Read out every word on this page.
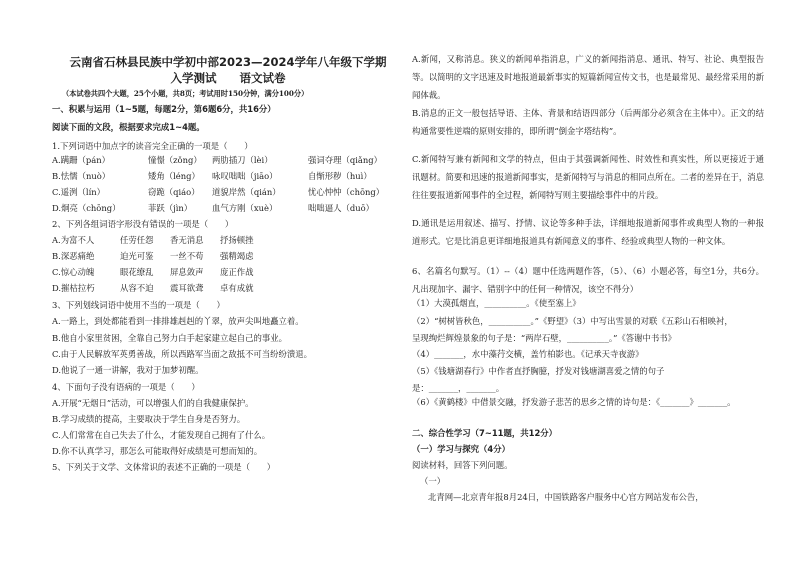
云南省石林县民族中学初中部2023—2024学年八年级下学期
入学测试　　语文试卷
（本试卷共四个大题，25个小题，共8页；考试用时150分钟，满分100分）
一、积累与运用（1~5题，每题2分，第6题6分，共16分）
阅读下面的文段，根据要求完成1~4题。
1.下列词语中加点字的读音完全正确的一项是（　　）
A.蹒跚（pán）	憧憬（zǒng） 两肋插刀（lèi）	强词夺理（qiǎng）
B.怯懦（nuò）	矮角（léng） 咏叹咄咄（jiāo）	自惭形秽（huì）
C.遥洌（lín）	窃跪（qiáo） 道貌岸然（qián）	忧心忡忡（chōng）
D.炯亮（chōng）	菲跃（jìn） 血气方刚（xuè）	咄咄逼人（duō）
2、下列各组词语字形没有错误的一项是（　　）
A.为富不人	任劳任怨 香无消息 抒扬顿挫
B.深恶痛绝	迫光可鉴 一丝不苟 强精竭虑
C.惊心动魄	眼花缭乱 屏息敛声 庞正作战
D.摧枯拉朽	从容不迫 震耳欲聋 卓有成就
3、下列划线词语中使用不当的一项是（　　）
A.一路上，到处都能看到一排排雄赳赳的丫翠，放声尖叫地矗立着。
B.他自小家里贫困，全靠自己努力白手起家建立起自己的事业。
C.由于人民解放军英勇善战，所以西路军当面之敌抵不可当纷纷溃退。
D.他说了一通一讲解，我对于加梦初醒。
4、下面句子没有语病的一项是（　　）
A.开展“无烟日”活动，可以增强人们的自我健康保护。
B.学习成绩的提高，主要取决于学生自身是否努力。
C.人们常常在自己失去了什么，才能发现自己拥有了什么。
D.你不认真学习，那怎么可能取得好成绩是可想而知的。
5、下列关于文学、文体常识的表述不正确的一项是（　　）
A.新闻，又称消息。狭义的新闻单指消息，广义的新闻指消息、通讯、特写、社论、典型报告等。以简明的文字迅速及时地报道最新事实的短篇新闻宣传文书，也是最常见、最经常采用的新闻体裁。
B.消息的正文一般包括导语、主体、背景和结语四部分（后两部分必须含在主体中）。正文的结构通常要性逆端的原则安排的，即所谓“倒金字塔结构”。
C.新闻特写兼有新闻和文学的特点，但由于其强调新闻性、时效性和真实性，所以更接近于通讯题材。简要和迅速的报道新闻事实，是新闻特写与消息的相同点所在。二者的差异在于，消息往往要报道新闻事件的全过程，新闻特写则主要描绘事件中的片段。
D.通讯是运用叙述、描写、抒情、议论等多种手法，详细地报道新闻事件或典型人物的一种报道形式。它是比消息更详细地报道具有新闻意义的事件、经验或典型人物的一种文体。
6、名篇名句默写。（1）--（4）题中任选两题作答，（5）、（6）小题必答，每空1分，共6分。凡出现加字、漏字、错别字中的任何一种情况，该空不得分）
（1）大漠孤烟直，__________。《使至塞上》
（2）“树树皆秋色，__________。”《野望》（3）中写出雪景的对联《五彩山石相映衬，
呈现绚烂辉煌景象的句子是：“两岸石壁，__________。”《答谢中书书》
（4）_______，水中藻荇交横，盖竹柏影也。《记承天寺夜游》
（5）《钱塘湖春行》中作者直抒胸臆，抒发对钱塘湖喜爱之情的句子
是：_______，_______。
（6）《黄鹤楼》中借景交融，抒发游子悲苦的思乡之情的诗句是：《_______》_______。
二、综合性学习（7~11题，共12分）
（一）学习与探究（4分）
阅读材料，回答下列问题。
（一）
北青网—北京青年报8月24日，中国铁路客户服务中心官方网站发布公告，
